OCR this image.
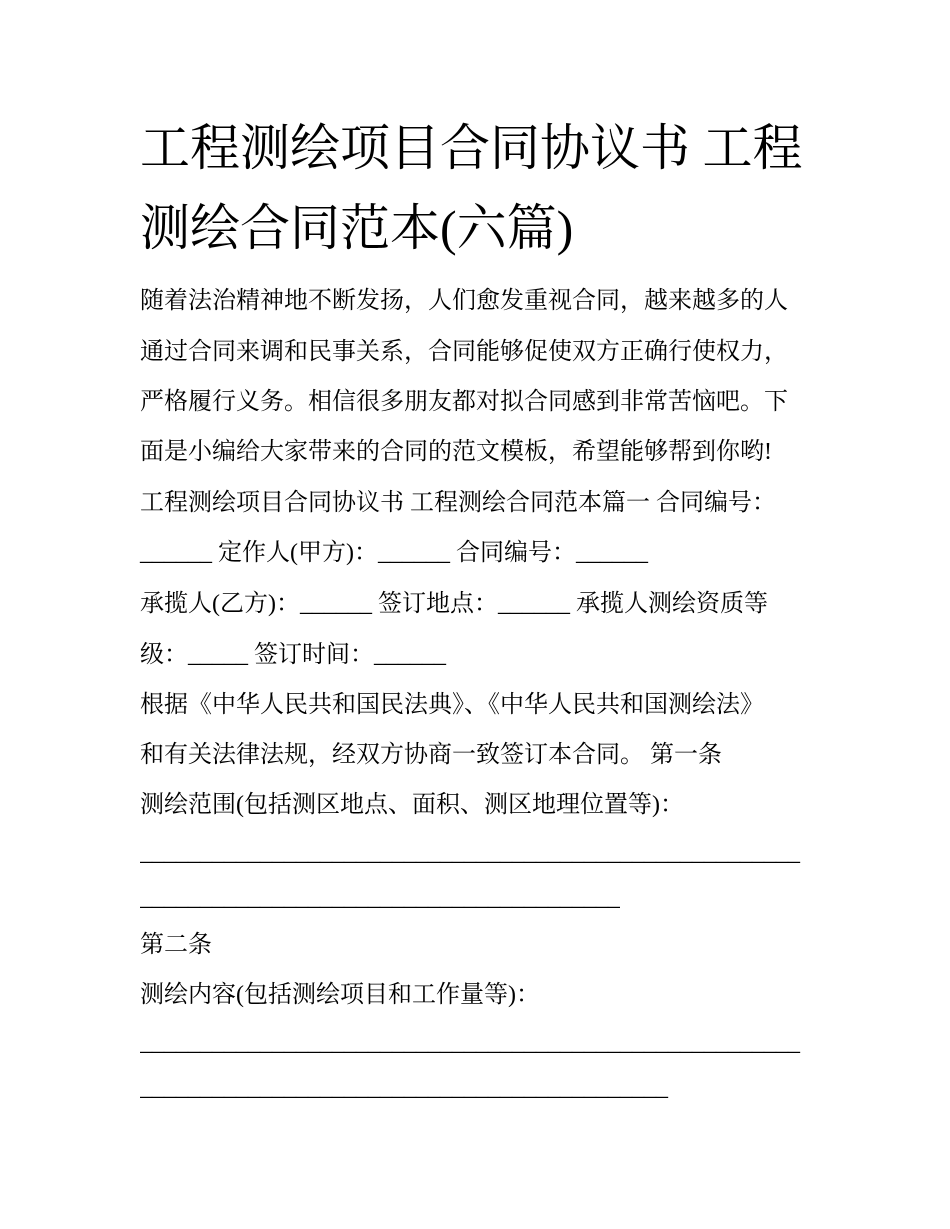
工程测绘项目合同协议书 工程
测绘合同范本(六篇)
随着法治精神地不断发扬，人们愈发重视合同，越来越多的人
通过合同来调和民事关系，合同能够促使双方正确行使权力，
严格履行义务。相信很多朋友都对拟合同感到非常苦恼吧。下
面是小编给大家带来的合同的范文模板，希望能够帮到你哟!
工程测绘项目合同协议书 工程测绘合同范本篇一 合同编号：
______ 定作人(甲方)：______ 合同编号：______
承揽人(乙方)：______ 签订地点：______ 承揽人测绘资质等
级：_____ 签订时间：______
根据《中华人民共和国民法典》、《中华人民共和国测绘法》
和有关法律法规，经双方协商一致签订本合同。 第一条
测绘范围(包括测区地点、面积、测区地理位置等)：
_______________________________________________________
________________________________________
第二条
测绘内容(包括测绘项目和工作量等)：
_______________________________________________________
____________________________________________
